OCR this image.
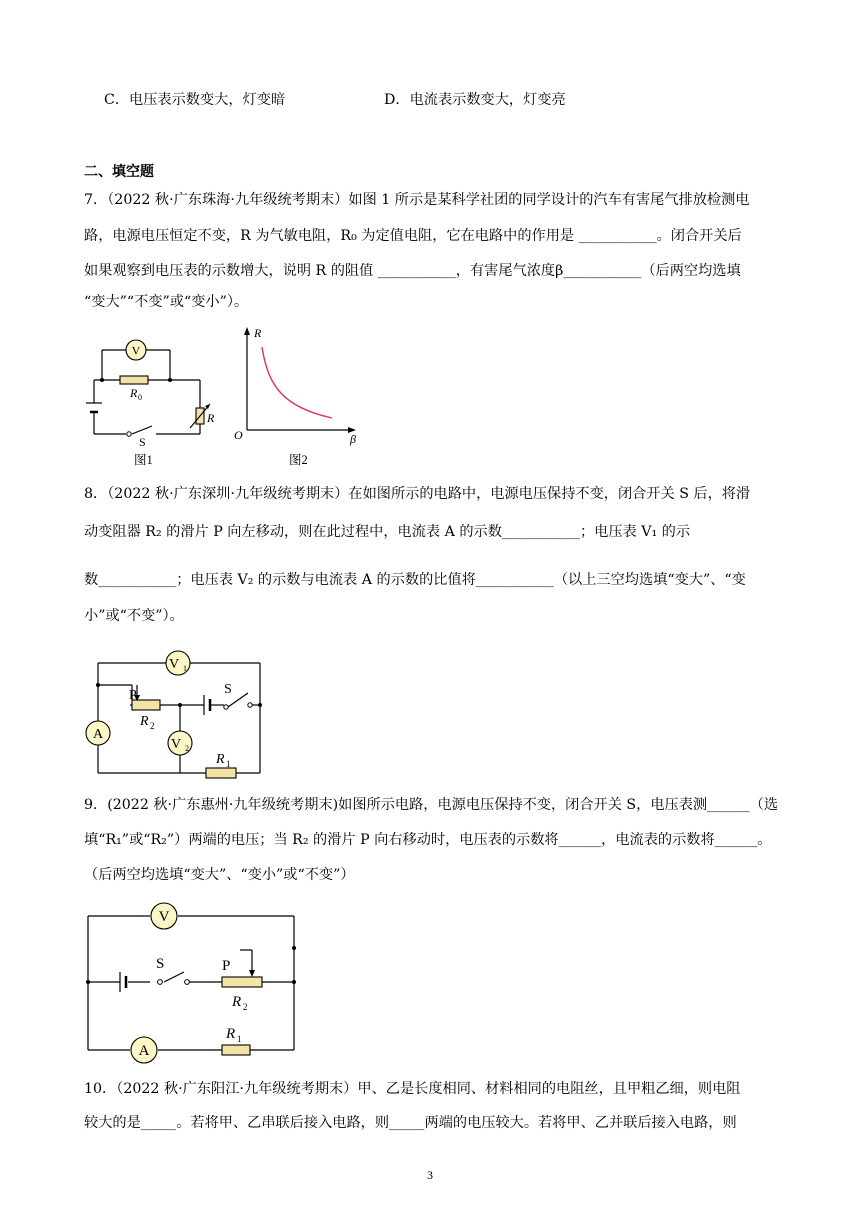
C．电压表示数变大，灯变暗	D．电流表示数变大，灯变亮
二、填空题
7．（2022 秋·广东珠海·九年级统考期末）如图 1 所示是某科学社团的同学设计的汽车有害尾气排放检测电
路，电源电压恒定不变，R 为气敏电阻，R₀ 为定值电阻，它在电路中的作用是 ___________。闭合开关后
如果观察到电压表的示数增大，说明 R 的阻值 ___________，有害尾气浓度β___________（后两空均选填
“变大”“不变”或“变小”）。
V
R 0
R
S
图1
R
β
O
图2
8．（2022 秋·广东深圳·九年级统考期末）在如图所示的电路中，电源电压保持不变，闭合开关 S 后，将滑
动变阻器 R₂ 的滑片 P 向左移动，则在此过程中，电流表 A 的示数___________；电压表 V₁ 的示
数___________；电压表 V₂ 的示数与电流表 A 的示数的比值将___________（以上三空均选填“变大”、“变
小”或“不变”）。
V 1
A
V 2
P
R 2
R 1
S
9．(2022 秋·广东惠州·九年级统考期末)如图所示电路，电源电压保持不变，闭合开关 S，电压表测______（选
填“R₁”或“R₂”）两端的电压；当 R₂ 的滑片 P 向右移动时，电压表的示数将______，电流表的示数将______。
（后两空均选填“变大”、“变小”或“不变”）
V
A
S	P
R 2
R 1
10．（2022 秋·广东阳江·九年级统考期末）甲、乙是长度相同、材料相同的电阻丝，且甲粗乙细，则电阻
较大的是_____。若将甲、乙串联后接入电路，则_____两端的电压较大。若将甲、乙并联后接入电路，则
3
